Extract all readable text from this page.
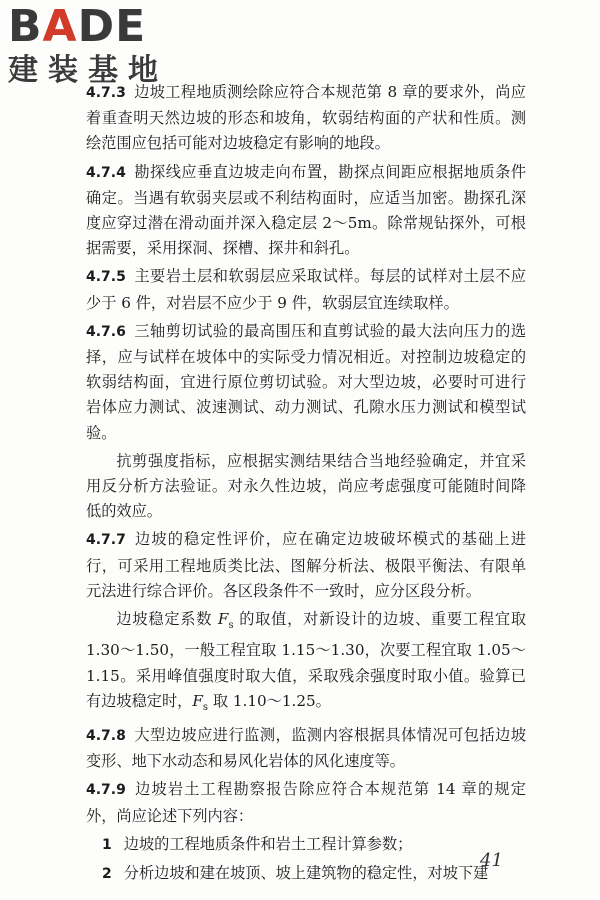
BADE
建装基地

4.7.3 边坡工程地质测绘除应符合本规范第 8 章的要求外，尚应着重查明天然边坡的形态和坡角，软弱结构面的产状和性质。测绘范围应包括可能对边坡稳定有影响的地段。

4.7.4 勘探线应垂直边坡走向布置，勘探点间距应根据地质条件确定。当遇有软弱夹层或不利结构面时，应适当加密。勘探孔深度应穿过潜在滑动面并深入稳定层 2～5m。除常规钻探外，可根据需要，采用探洞、探槽、探井和斜孔。

4.7.5 主要岩土层和软弱层应采取试样。每层的试样对土层不应少于 6 件，对岩层不应少于 9 件，软弱层宜连续取样。

4.7.6 三轴剪切试验的最高围压和直剪试验的最大法向压力的选择，应与试样在坡体中的实际受力情况相近。对控制边坡稳定的软弱结构面，宜进行原位剪切试验。对大型边坡，必要时可进行岩体应力测试、波速测试、动力测试、孔隙水压力测试和模型试验。

抗剪强度指标，应根据实测结果结合当地经验确定，并宜采用反分析方法验证。对永久性边坡，尚应考虑强度可能随时间降低的效应。

4.7.7 边坡的稳定性评价，应在确定边坡破坏模式的基础上进行，可采用工程地质类比法、图解分析法、极限平衡法、有限单元法进行综合评价。各区段条件不一致时，应分区段分析。

边坡稳定系数 $F_s$ 的取值，对新设计的边坡、重要工程宜取 1.30～1.50，一般工程宜取 1.15～1.30，次要工程宜取 1.05～1.15。采用峰值强度时取大值，采取残余强度时取小值。验算已有边坡稳定时，$F_s$ 取 1.10～1.25。

4.7.8 大型边坡应进行监测，监测内容根据具体情况可包括边坡变形、地下水动态和易风化岩体的风化速度等。

4.7.9 边坡岩土工程勘察报告除应符合本规范第 14 章的规定外，尚应论述下列内容：

1 边坡的工程地质条件和岩土工程计算参数；

2 分析边坡和建在坡顶、坡上建筑物的稳定性，对坡下建

41
